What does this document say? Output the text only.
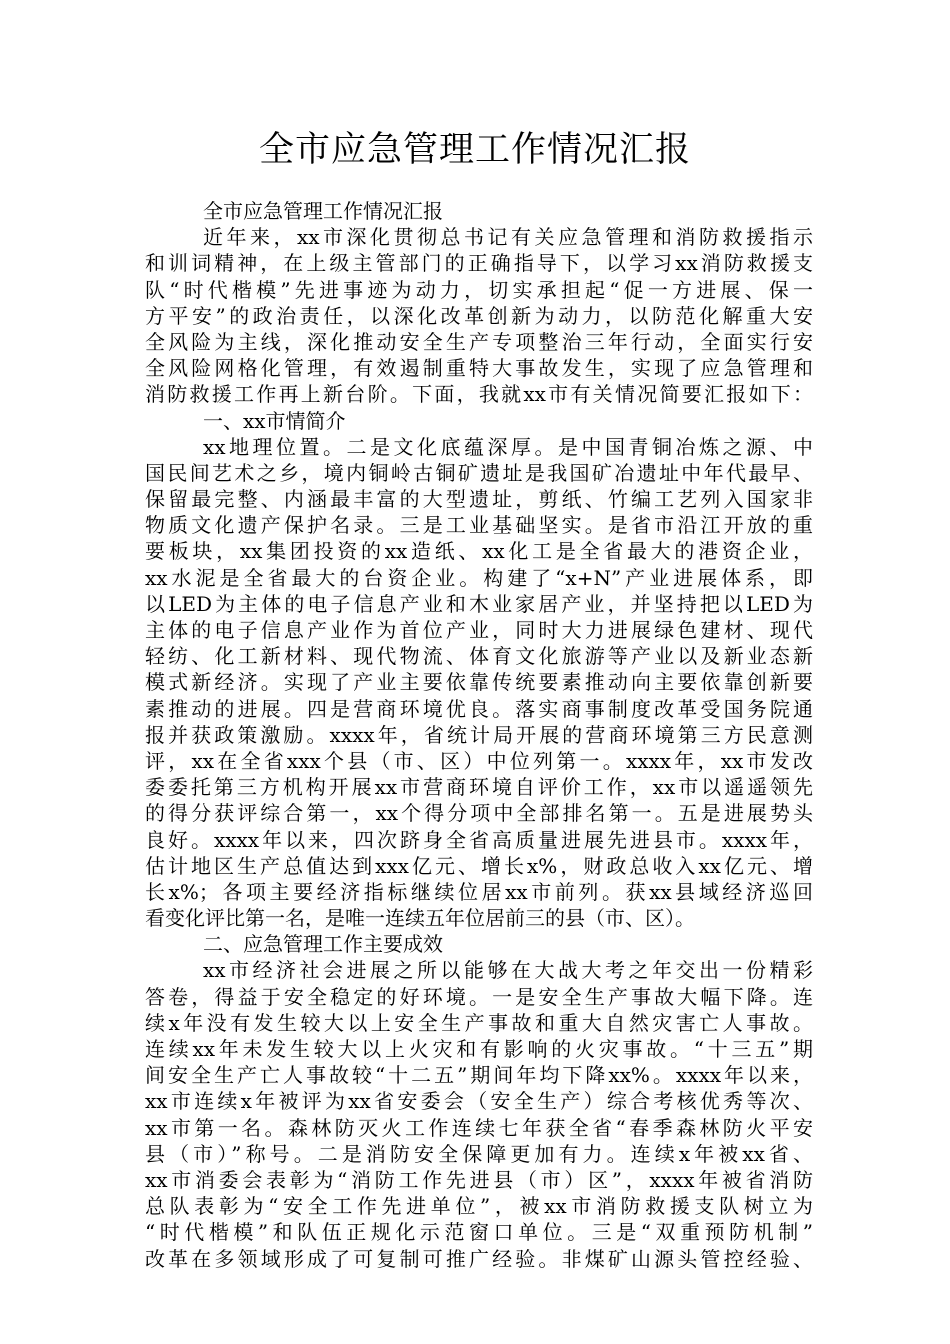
全市应急管理工作情况汇报
全市应急管理工作情况汇报
近年来，xx市深化贯彻总书记有关应急管理和消防救援指示
和训词精神，在上级主管部门的正确指导下，以学习xx消防救援支
队“时代楷模”先进事迹为动力，切实承担起“促一方进展、保一
方平安”的政治责任，以深化改革创新为动力，以防范化解重大安
全风险为主线，深化推动安全生产专项整治三年行动，全面实行安
全风险网格化管理，有效遏制重特大事故发生，实现了应急管理和
消防救援工作再上新台阶。下面，我就xx市有关情况简要汇报如下：
一、xx市情简介
xx地理位置。二是文化底蕴深厚。是中国青铜冶炼之源、中
国民间艺术之乡，境内铜岭古铜矿遗址是我国矿冶遗址中年代最早、
保留最完整、内涵最丰富的大型遗址，剪纸、竹编工艺列入国家非
物质文化遗产保护名录。三是工业基础坚实。是省市沿江开放的重
要板块，xx集团投资的xx造纸、xx化工是全省最大的港资企业，
xx水泥是全省最大的台资企业。构建了“x+N”产业进展体系，即
以LED为主体的电子信息产业和木业家居产业，并坚持把以LED为
主体的电子信息产业作为首位产业，同时大力进展绿色建材、现代
轻纺、化工新材料、现代物流、体育文化旅游等产业以及新业态新
模式新经济。实现了产业主要依靠传统要素推动向主要依靠创新要
素推动的进展。四是营商环境优良。落实商事制度改革受国务院通
报并获政策激励。xxxx年，省统计局开展的营商环境第三方民意测
评，xx在全省xxx个县（市、区）中位列第一。xxxx年，xx市发改
委委托第三方机构开展xx市营商环境自评价工作，xx市以遥遥领先
的得分获评综合第一，xx个得分项中全部排名第一。五是进展势头
良好。xxxx年以来，四次跻身全省高质量进展先进县市。xxxx年，
估计地区生产总值达到xxx亿元、增长x%，财政总收入xx亿元、增
长x%；各项主要经济指标继续位居xx市前列。获xx县域经济巡回
看变化评比第一名，是唯一连续五年位居前三的县（市、区）。
二、应急管理工作主要成效
xx市经济社会进展之所以能够在大战大考之年交出一份精彩
答卷，得益于安全稳定的好环境。一是安全生产事故大幅下降。连
续x年没有发生较大以上安全生产事故和重大自然灾害亡人事故。
连续xx年未发生较大以上火灾和有影响的火灾事故。“十三五”期
间安全生产亡人事故较“十二五”期间年均下降xx%。xxxx年以来，
xx市连续x年被评为xx省安委会（安全生产）综合考核优秀等次、
xx市第一名。森林防灭火工作连续七年获全省“春季森林防火平安
县（市）”称号。二是消防安全保障更加有力。连续x年被xx省、
xx市消委会表彰为“消防工作先进县（市）区”，xxxx年被省消防
总队表彰为“安全工作先进单位”，被xx市消防救援支队树立为
“时代楷模”和队伍正规化示范窗口单位。三是“双重预防机制”
改革在多领域形成了可复制可推广经验。非煤矿山源头管控经验、
